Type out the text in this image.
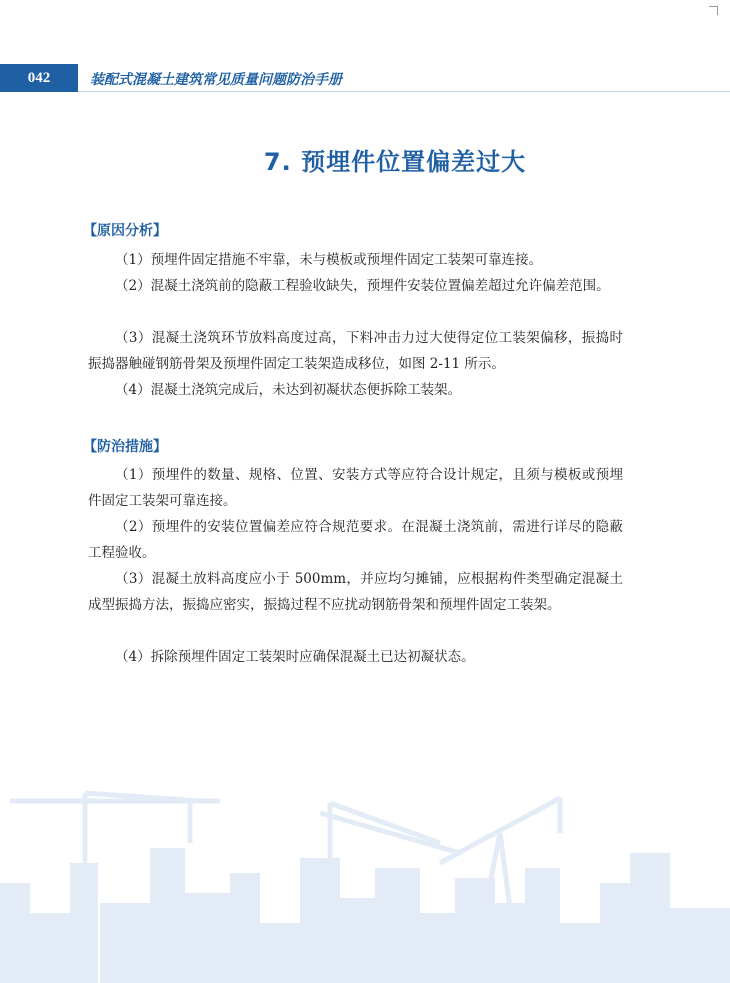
042	装配式混凝土建筑常见质量问题防治手册
7. 预埋件位置偏差过大
【原因分析】
（1）预埋件固定措施不牢靠，未与模板或预埋件固定工装架可靠连接。
（2）混凝土浇筑前的隐蔽工程验收缺失，预埋件安装位置偏差超过允许偏差范围。
（3）混凝土浇筑环节放料高度过高，下料冲击力过大使得定位工装架偏移，振捣时振捣器触碰钢筋骨架及预埋件固定工装架造成移位，如图 2-11 所示。
（4）混凝土浇筑完成后，未达到初凝状态便拆除工装架。
【防治措施】
（1）预埋件的数量、规格、位置、安装方式等应符合设计规定，且须与模板或预埋件固定工装架可靠连接。
（2）预埋件的安装位置偏差应符合规范要求。在混凝土浇筑前，需进行详尽的隐蔽工程验收。
（3）混凝土放料高度应小于 500mm，并应均匀摊铺，应根据构件类型确定混凝土成型振捣方法，振捣应密实，振捣过程不应扰动钢筋骨架和预埋件固定工装架。
（4）拆除预埋件固定工装架时应确保混凝土已达初凝状态。
